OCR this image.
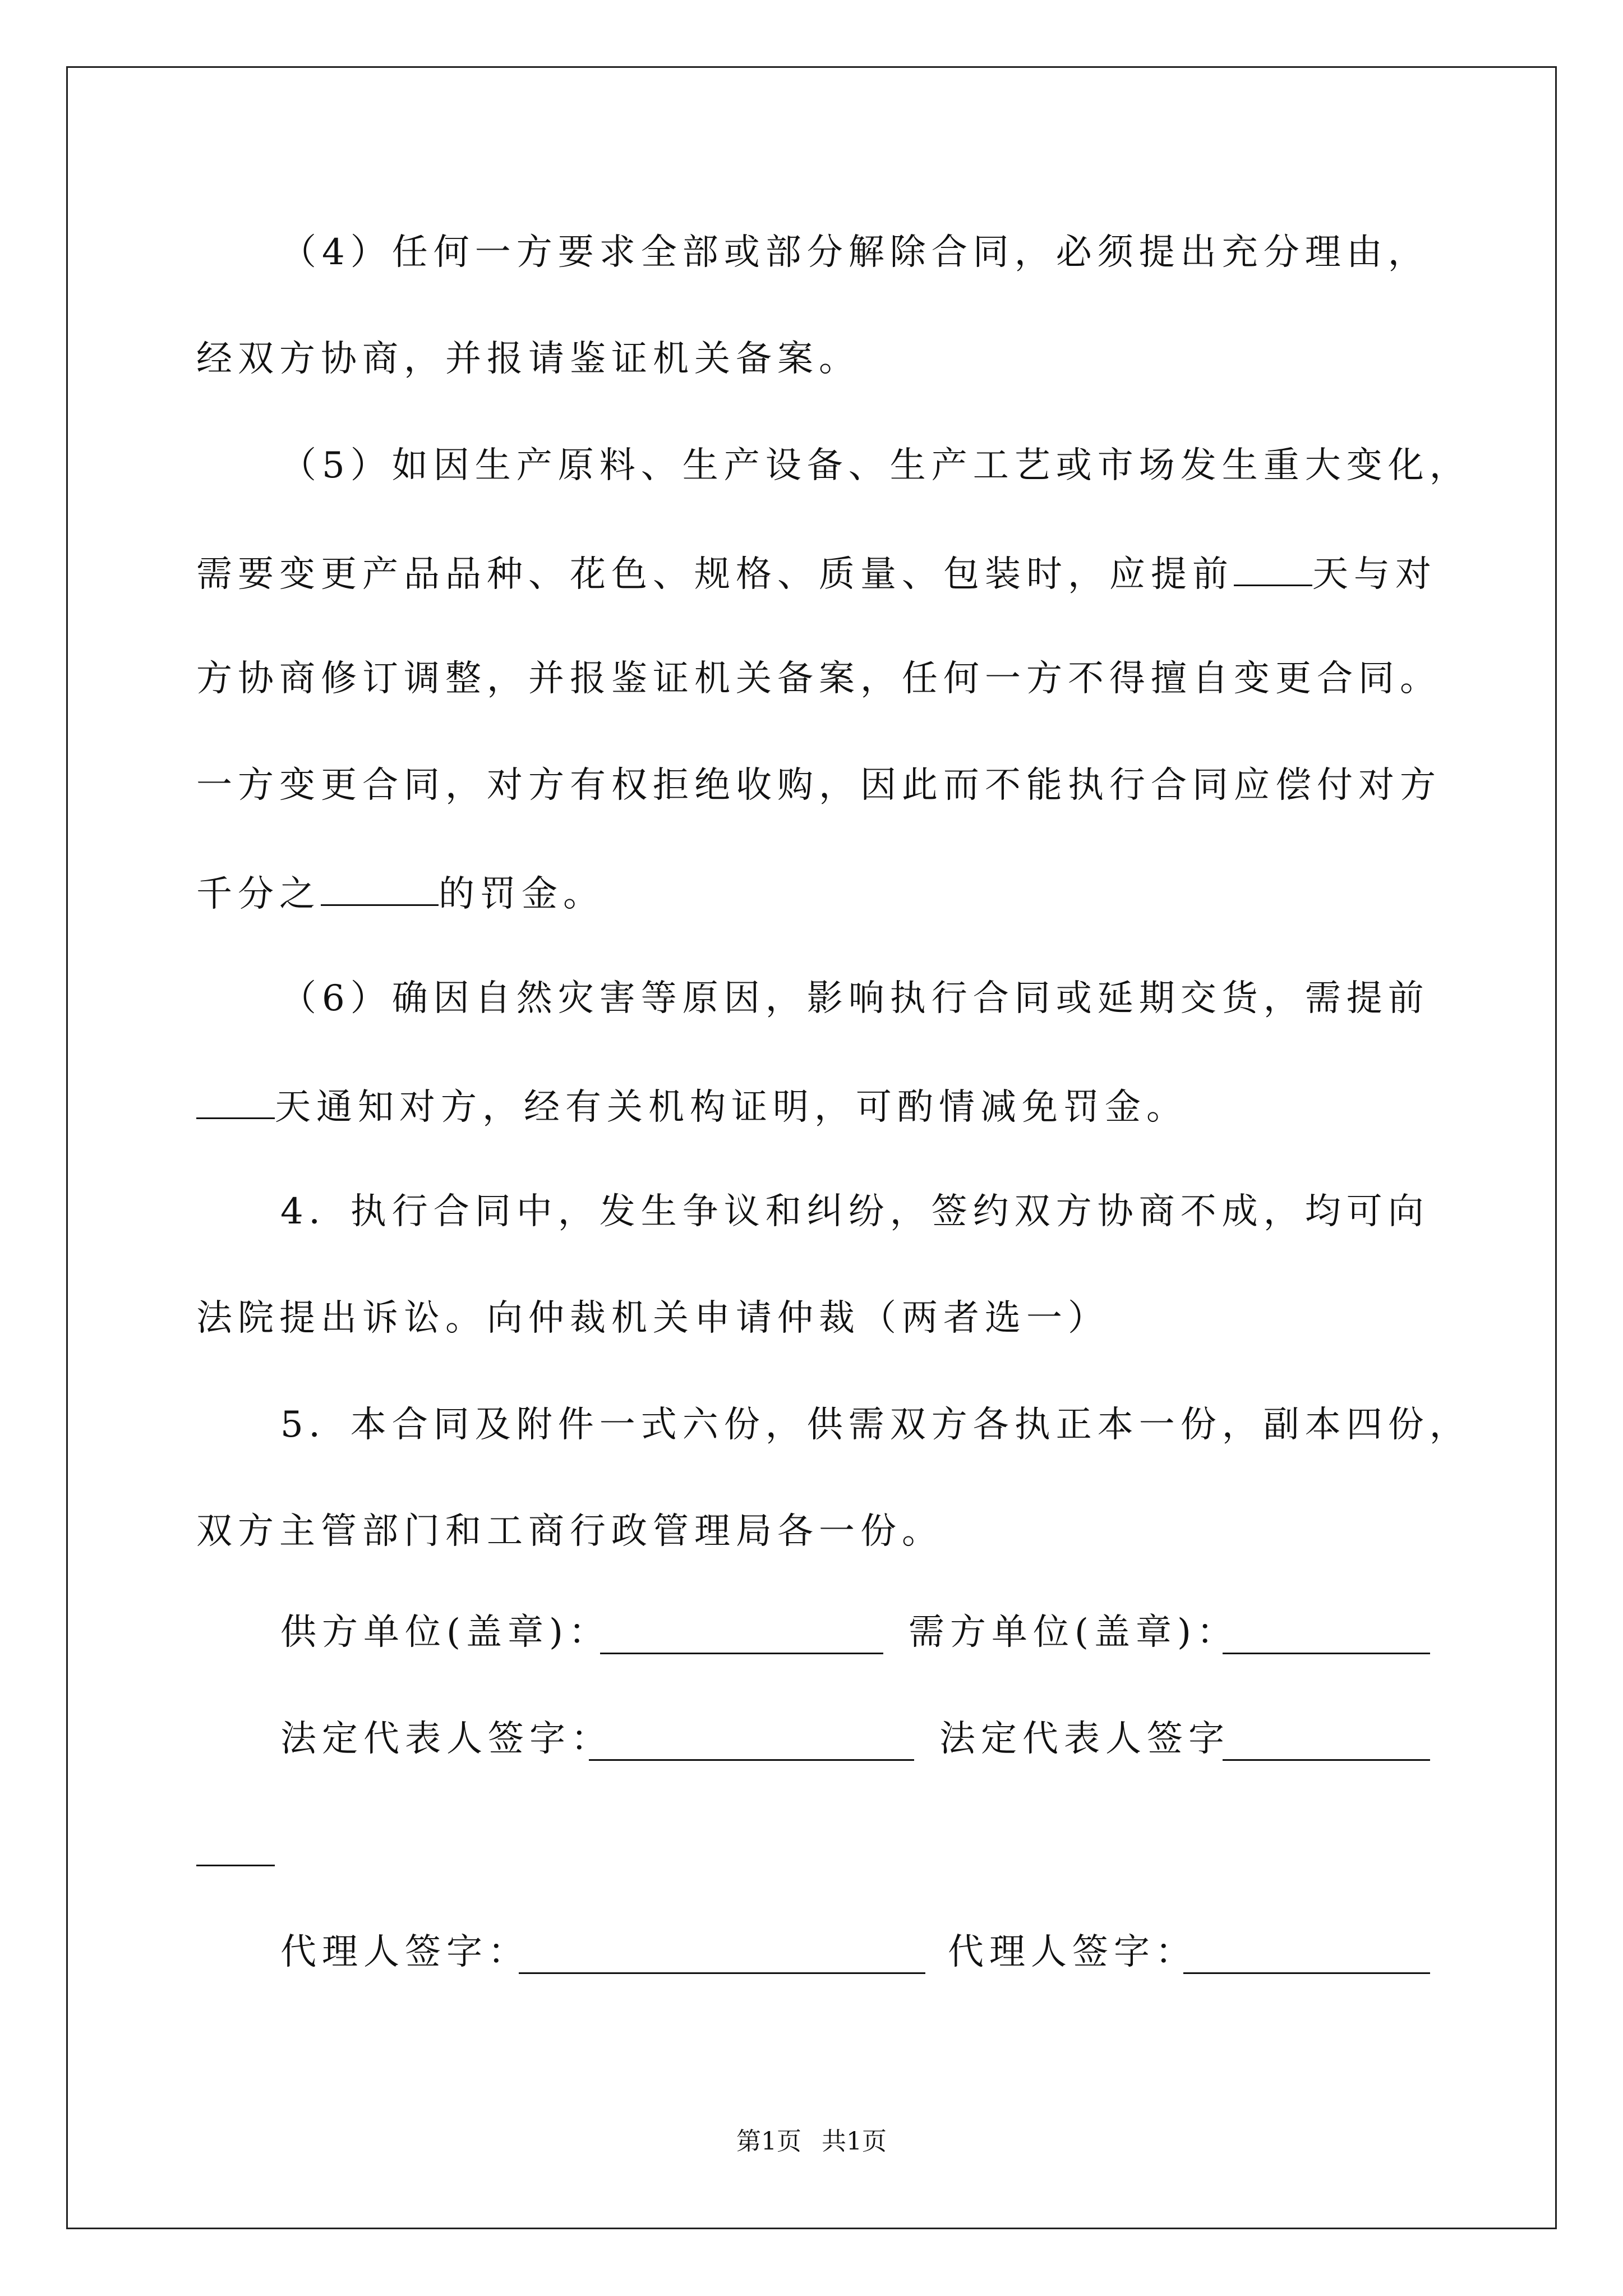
（4）任何一方要求全部或部分解除合同，必须提出充分理由，
经双方协商，并报请鉴证机关备案。
（5）如因生产原料、生产设备、生产工艺或市场发生重大变化，
需要变更产品品种、花色、规格、质量、包装时，应提前 天与对
方协商修订调整，并报鉴证机关备案，任何一方不得擅自变更合同。
一方变更合同，对方有权拒绝收购，因此而不能执行合同应偿付对方
千分之	的罚金。
（6）确因自然灾害等原因，影响执行合同或延期交货，需提前
天通知对方，经有关机构证明，可酌情减免罚金。
4．执行合同中，发生争议和纠纷，签约双方协商不成，均可向
法院提出诉讼。向仲裁机关申请仲裁（两者选一）
5．本合同及附件一式六份，供需双方各执正本一份，副本四份，
双方主管部门和工商行政管理局各一份。
供方单位(盖章)：	需方单位(盖章)：
法定代表人签字：	法定代表人签字
代理人签字：	代理人签字：
第1页 共1页
